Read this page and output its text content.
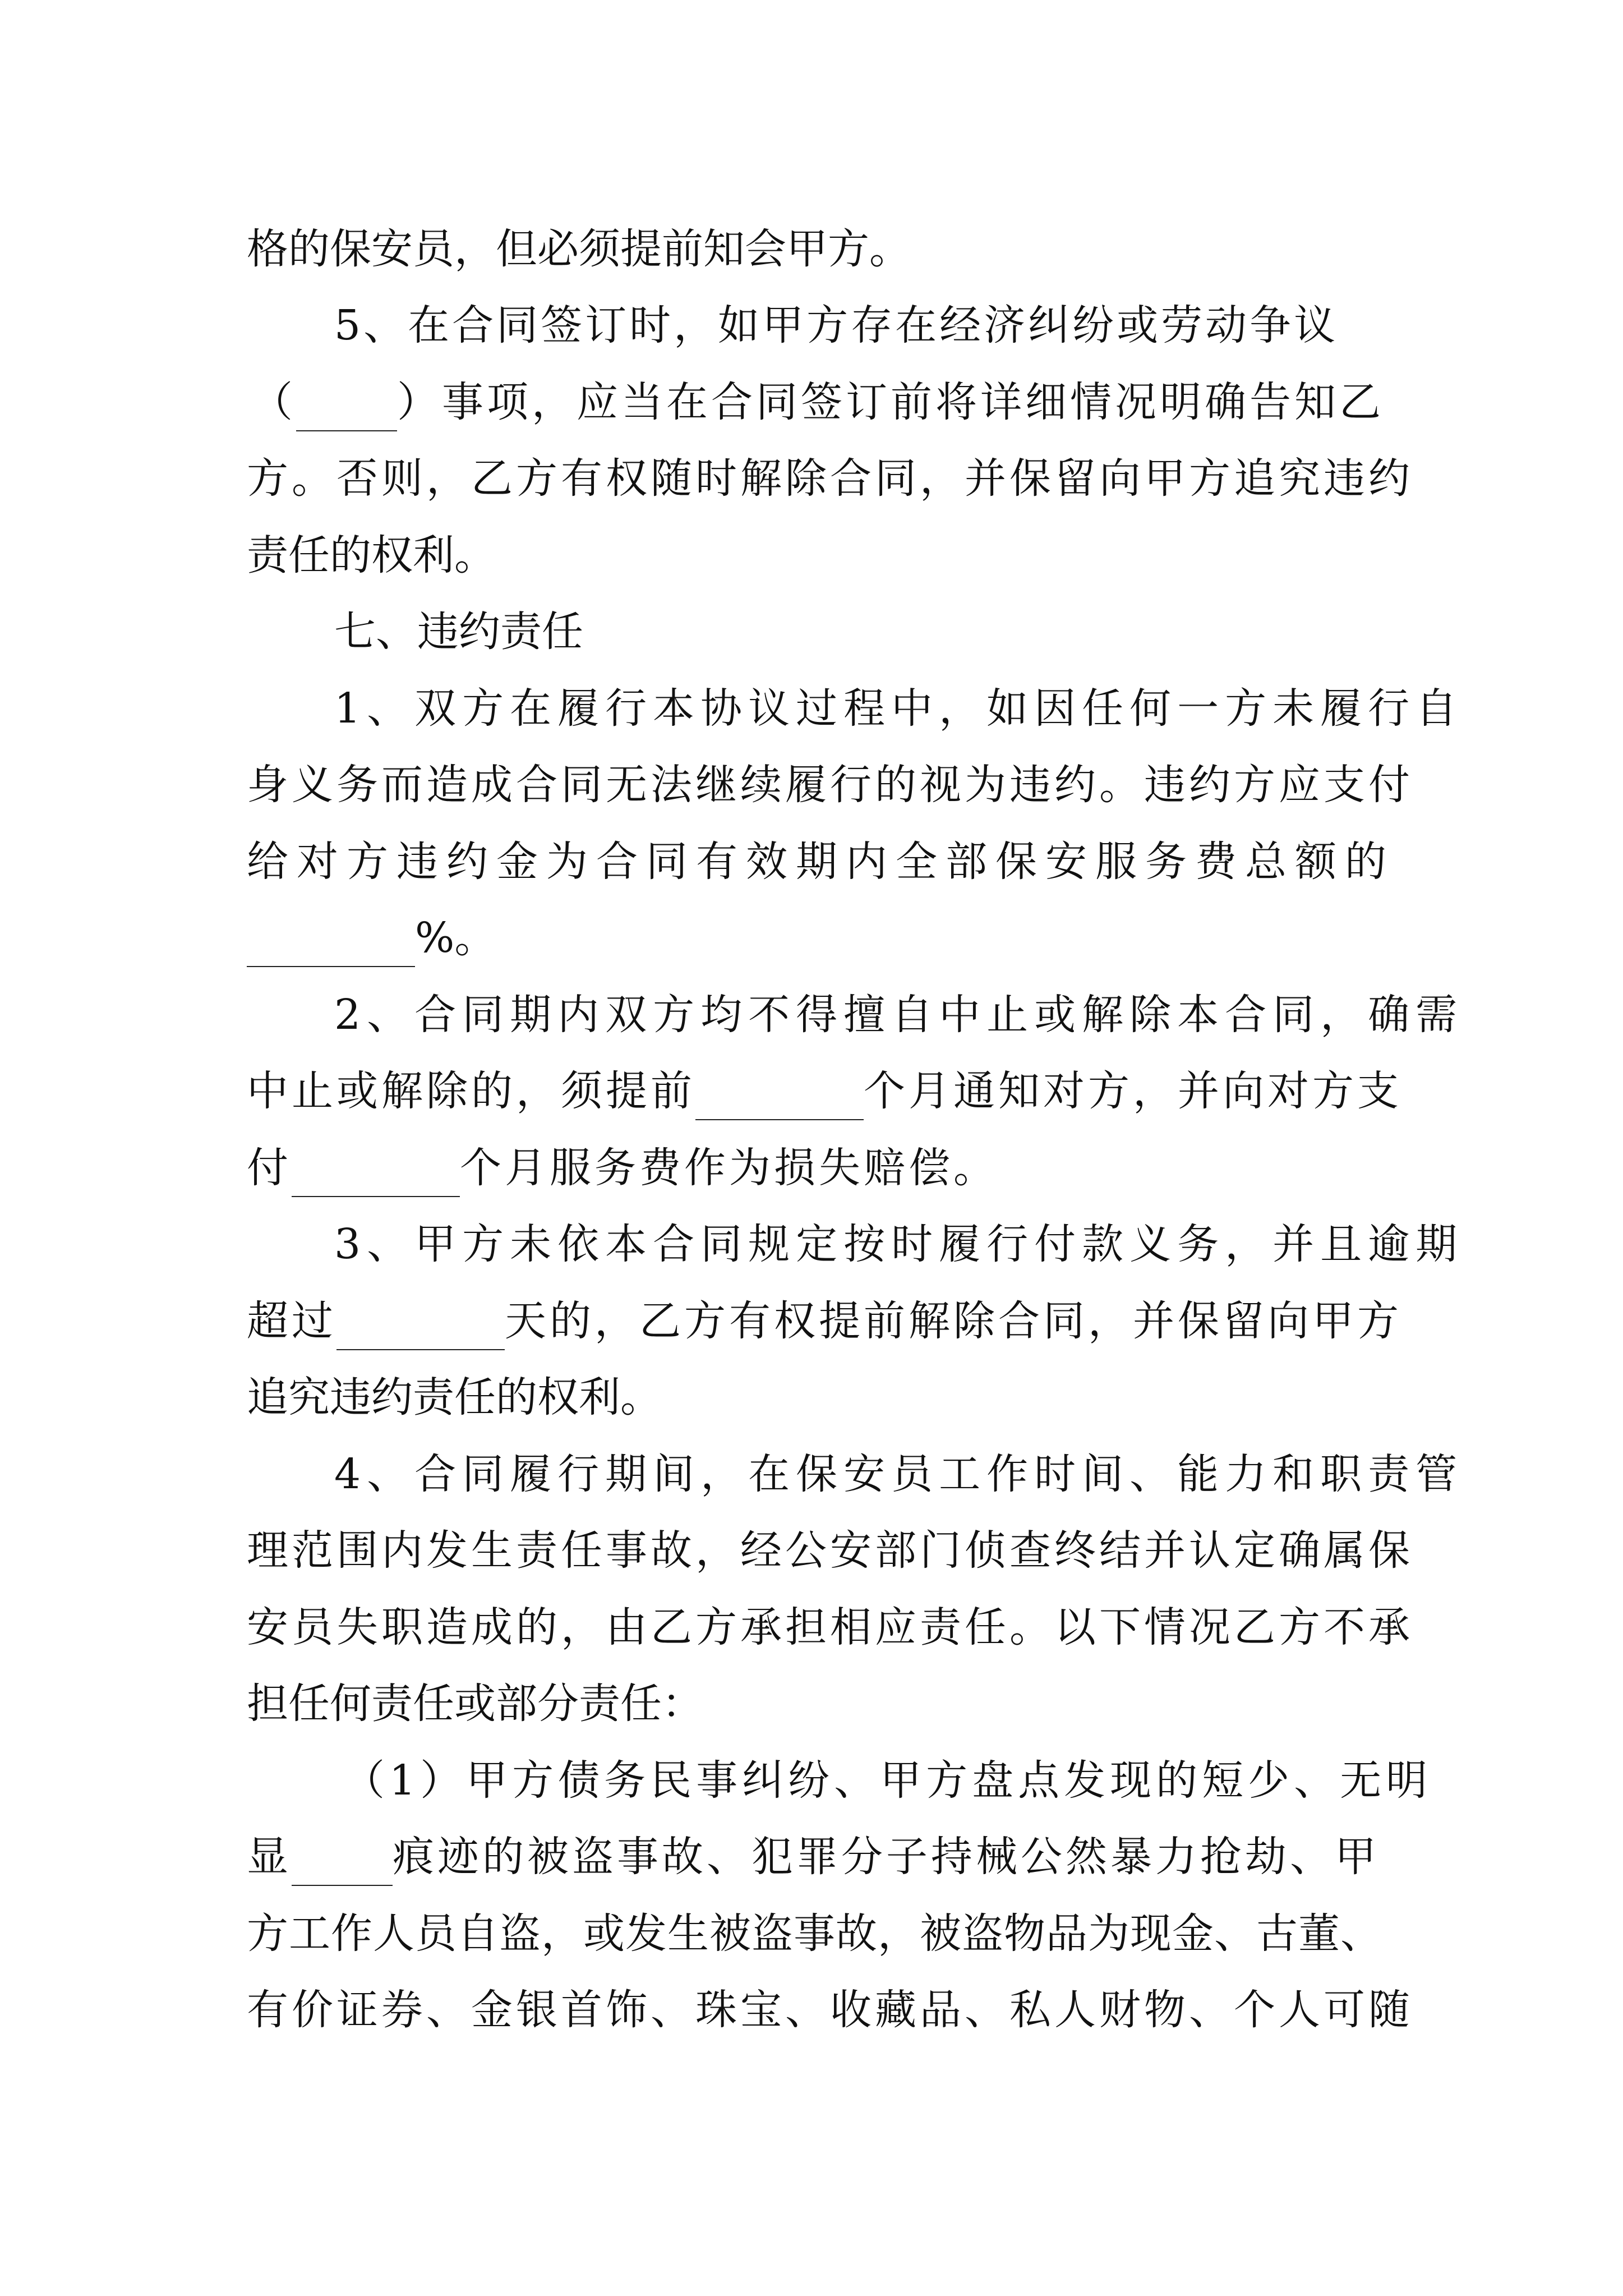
格的保安员，但必须提前知会甲方。
5、在合同签订时，如甲方存在经济纠纷或劳动争议
（ ）事项，应当在合同签订前将详细情况明确告知乙
方。否则，乙方有权随时解除合同，并保留向甲方追究违约
责任的权利。
七、违约责任
1、双方在履行本协议过程中，如因任何一方未履行自
身义务而造成合同无法继续履行的视为违约。违约方应支付
给对方违约金为合同有效期内全部保安服务费总额的
%。
2、合同期内双方均不得擅自中止或解除本合同，确需
中止或解除的，须提前	个月通知对方，并向对方支
付	个月服务费作为损失赔偿。
3、甲方未依本合同规定按时履行付款义务，并且逾期
超过	天的，乙方有权提前解除合同，并保留向甲方
追究违约责任的权利。
4、合同履行期间，在保安员工作时间、能力和职责管
理范围内发生责任事故，经公安部门侦查终结并认定确属保
安员失职造成的，由乙方承担相应责任。以下情况乙方不承
担任何责任或部分责任：
（1）甲方债务民事纠纷、甲方盘点发现的短少、无明
显 痕迹的被盗事故、犯罪分子持械公然暴力抢劫、甲
方工作人员自盗，或发生被盗事故，被盗物品为现金、古董、
有价证券、金银首饰、珠宝、收藏品、私人财物、个人可随
